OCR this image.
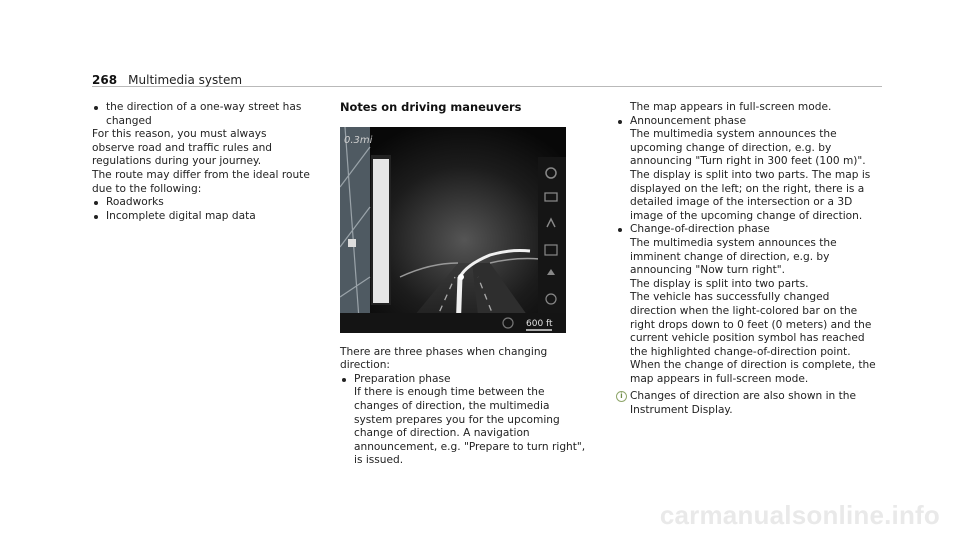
268 Multimedia system

the direction of a one-way street has changed

For this reason, you must always observe road and traffic rules and regulations during your journey.

The route may differ from the ideal route due to the following:

Roadworks

Incomplete digital map data

Notes on driving maneuvers

0.3mi
600 ft

There are three phases when changing direction:

Preparation phase

If there is enough time between the changes of direction, the multimedia system prepares you for the upcoming change of direction. A navigation announcement, e.g. "Prepare to turn right", is issued.

The map appears in full-screen mode.

Announcement phase

The multimedia system announces the upcoming change of direction, e.g. by announcing "Turn right in 300 feet (100 m)".

The display is split into two parts. The map is displayed on the left; on the right, there is a detailed image of the intersection or a 3D image of the upcoming change of direction.

Change-of-direction phase

The multimedia system announces the imminent change of direction, e.g. by announcing "Now turn right".

The display is split into two parts.

The vehicle has successfully changed direction when the light-colored bar on the right drops down to 0 feet (0 meters) and the current vehicle position symbol has reached the highlighted change-of-direction point.

When the change of direction is complete, the map appears in full-screen mode.

i Changes of direction are also shown in the Instrument Display.
carmanualsonline.info
